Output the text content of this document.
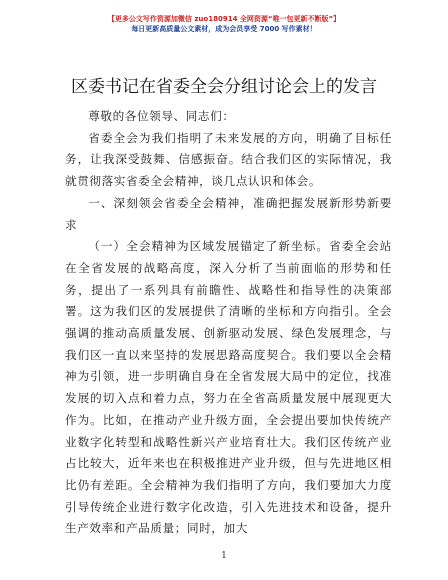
【更多公文写作资源加微信 zuo180914 全网资源“唯一包更新不断版”】
每日更新高质量公文素材，成为会员享受 7000 写作素材！
区委书记在省委全会分组讨论会上的发言

尊敬的各位领导、同志们：

省委全会为我们指明了未来发展的方向，明确了目标任务，让我深受鼓舞、信感振奋。结合我们区的实际情况，我就贯彻落实省委全会精神，谈几点认识和体会。

一、深刻领会省委全会精神，准确把握发展新形势新要求

（一）全会精神为区域发展锚定了新坐标。省委全会站在全省发展的战略高度，深入分析了当前面临的形势和任务，提出了一系列具有前瞻性、战略性和指导性的决策部署。这为我们区的发展提供了清晰的坐标和方向指引。全会强调的推动高质量发展、创新驱动发展、绿色发展理念，与我们区一直以来坚持的发展思路高度契合。我们要以全会精神为引领，进一步明确自身在全省发展大局中的定位，找准发展的切入点和着力点，努力在全省高质量发展中展现更大作为。比如，在推动产业升级方面，全会提出要加快传统产业数字化转型和战略性新兴产业培育壮大。我们区传统产业占比较大，近年来也在积极推进产业升级，但与先进地区相比仍有差距。全会精神为我们指明了方向，我们要加大力度引导传统企业进行数字化改造，引入先进技术和设备，提升生产效率和产品质量；同时，加大

1
